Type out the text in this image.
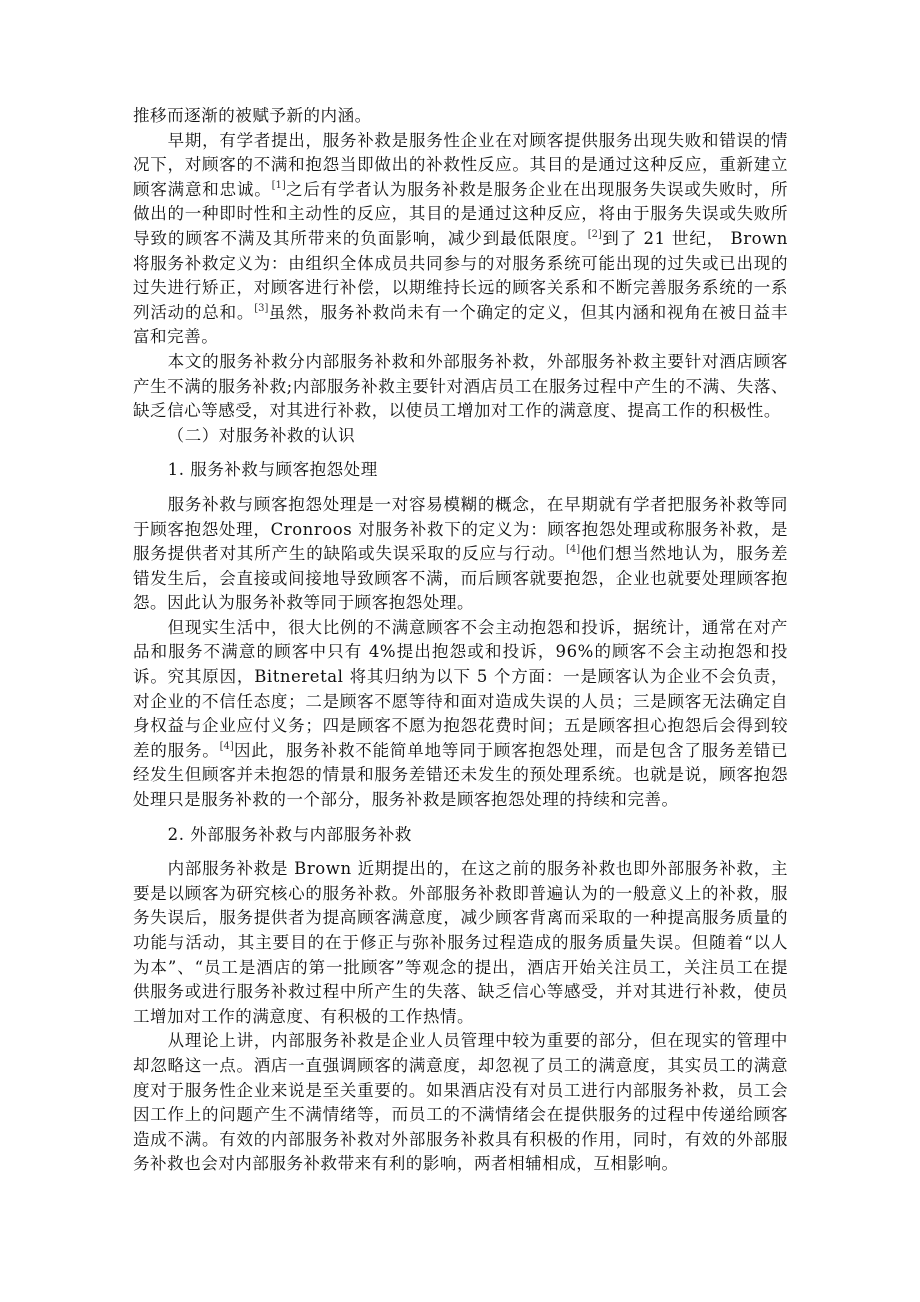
推移而逐渐的被赋予新的内涵。

早期，有学者提出，服务补救是服务性企业在对顾客提供服务出现失败和错误的情况下，对顾客的不满和抱怨当即做出的补救性反应。其目的是通过这种反应，重新建立顾客满意和忠诚。[1]之后有学者认为服务补救是服务企业在出现服务失误或失败时，所做出的一种即时性和主动性的反应，其目的是通过这种反应，将由于服务失误或失败所导致的顾客不满及其所带来的负面影响，减少到最低限度。[2]到了 21 世纪， Brown 将服务补救定义为：由组织全体成员共同参与的对服务系统可能出现的过失或已出现的过失进行矫正，对顾客进行补偿，以期维持长远的顾客关系和不断完善服务系统的一系列活动的总和。[3]虽然，服务补救尚未有一个确定的定义，但其内涵和视角在被日益丰富和完善。

本文的服务补救分内部服务补救和外部服务补救，外部服务补救主要针对酒店顾客产生不满的服务补救;内部服务补救主要针对酒店员工在服务过程中产生的不满、失落、缺乏信心等感受，对其进行补救，以使员工增加对工作的满意度、提高工作的积极性。

（二）对服务补救的认识
1. 服务补救与顾客抱怨处理

服务补救与顾客抱怨处理是一对容易模糊的概念，在早期就有学者把服务补救等同于顾客抱怨处理，Cronroos 对服务补救下的定义为：顾客抱怨处理或称服务补救，是服务提供者对其所产生的缺陷或失误采取的反应与行动。[4]他们想当然地认为，服务差错发生后，会直接或间接地导致顾客不满，而后顾客就要抱怨，企业也就要处理顾客抱怨。因此认为服务补救等同于顾客抱怨处理。

但现实生活中，很大比例的不满意顾客不会主动抱怨和投诉，据统计，通常在对产品和服务不满意的顾客中只有 4%提出抱怨或和投诉，96%的顾客不会主动抱怨和投诉。究其原因，Bitneretal 将其归纳为以下 5 个方面：一是顾客认为企业不会负责，对企业的不信任态度；二是顾客不愿等待和面对造成失误的人员；三是顾客无法确定自身权益与企业应付义务；四是顾客不愿为抱怨花费时间；五是顾客担心抱怨后会得到较差的服务。[4]因此，服务补救不能简单地等同于顾客抱怨处理，而是包含了服务差错已经发生但顾客并未抱怨的情景和服务差错还未发生的预处理系统。也就是说，顾客抱怨处理只是服务补救的一个部分，服务补救是顾客抱怨处理的持续和完善。

2. 外部服务补救与内部服务补救

内部服务补救是 Brown 近期提出的，在这之前的服务补救也即外部服务补救，主要是以顾客为研究核心的服务补救。外部服务补救即普遍认为的一般意义上的补救，服务失误后，服务提供者为提高顾客满意度，减少顾客背离而采取的一种提高服务质量的功能与活动，其主要目的在于修正与弥补服务过程造成的服务质量失误。但随着“以人为本”、“员工是酒店的第一批顾客”等观念的提出，酒店开始关注员工，关注员工在提供服务或进行服务补救过程中所产生的失落、缺乏信心等感受，并对其进行补救，使员工增加对工作的满意度、有积极的工作热情。

从理论上讲，内部服务补救是企业人员管理中较为重要的部分，但在现实的管理中却忽略这一点。酒店一直强调顾客的满意度，却忽视了员工的满意度，其实员工的满意度对于服务性企业来说是至关重要的。如果酒店没有对员工进行内部服务补救，员工会因工作上的问题产生不满情绪等，而员工的不满情绪会在提供服务的过程中传递给顾客造成不满。有效的内部服务补救对外部服务补救具有积极的作用，同时，有效的外部服务补救也会对内部服务补救带来有利的影响，两者相辅相成，互相影响。
